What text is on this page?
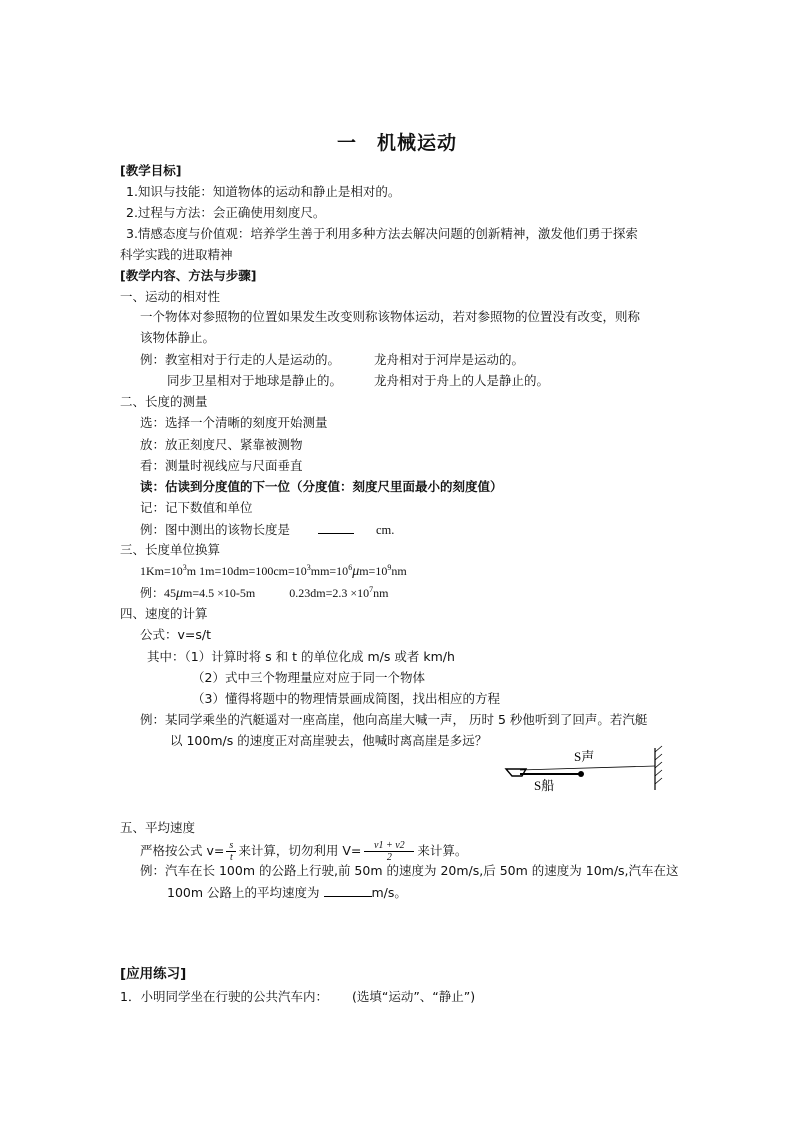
一 机械运动
[教学目标]
1.知识与技能：知道物体的运动和静止是相对的。
2.过程与方法：会正确使用刻度尺。
3.情感态度与价值观：培养学生善于利用多种方法去解决问题的创新精神，激发他们勇于探索
科学实践的进取精神
[教学内容、方法与步骤]
一、运动的相对性
一个物体对参照物的位置如果发生改变则称该物体运动，若对参照物的位置没有改变，则称
该物体静止。
例：教室相对于行走的人是运动的。	龙舟相对于河岸是运动的。
同步卫星相对于地球是静止的。	龙舟相对于舟上的人是静止的。
二、长度的测量
选：选择一个清晰的刻度开始测量
放：放正刻度尺、紧靠被测物
看：测量时视线应与尺面垂直
读：估读到分度值的下一位（分度值：刻度尺里面最小的刻度值）
记：记下数值和单位
例：图中测出的该物长度是	cm.
三、长度单位换算
$1Km=10^3m$ $1m=10dm=100cm=10^3mm=10^6\mu m=10^9nm$
例：45μm=4.5 ×10-5m	$0.23dm=2.3 \times 10^7nm$
四、速度的计算
公式：v=s/t
其中：（1）计算时将 s 和 t 的单位化成 m/s 或者 km/h
（2）式中三个物理量应对应于同一个物体
（3）懂得将题中的物理情景画成简图，找出相应的方程
例：某同学乘坐的汽艇遥对一座高崖，他向高崖大喊一声， 历时 5 秒他听到了回声。若汽艇
以 100m/s 的速度正对高崖驶去，他喊时离高崖是多远？
S声
S船
五、平均速度
严格按公式 $v= \frac{s}{t}$ 来计算，切勿利用 $V= \frac{v1 + v2}{2}$ 来计算。
例：汽车在长 100m 的公路上行驶,前 50m 的速度为 20m/s,后 50m 的速度为 10m/s,汽车在这
100m 公路上的平均速度为	m/s。
[应用练习]
1．小明同学坐在行驶的公共汽车内： (选填“运动”、“静止”)
